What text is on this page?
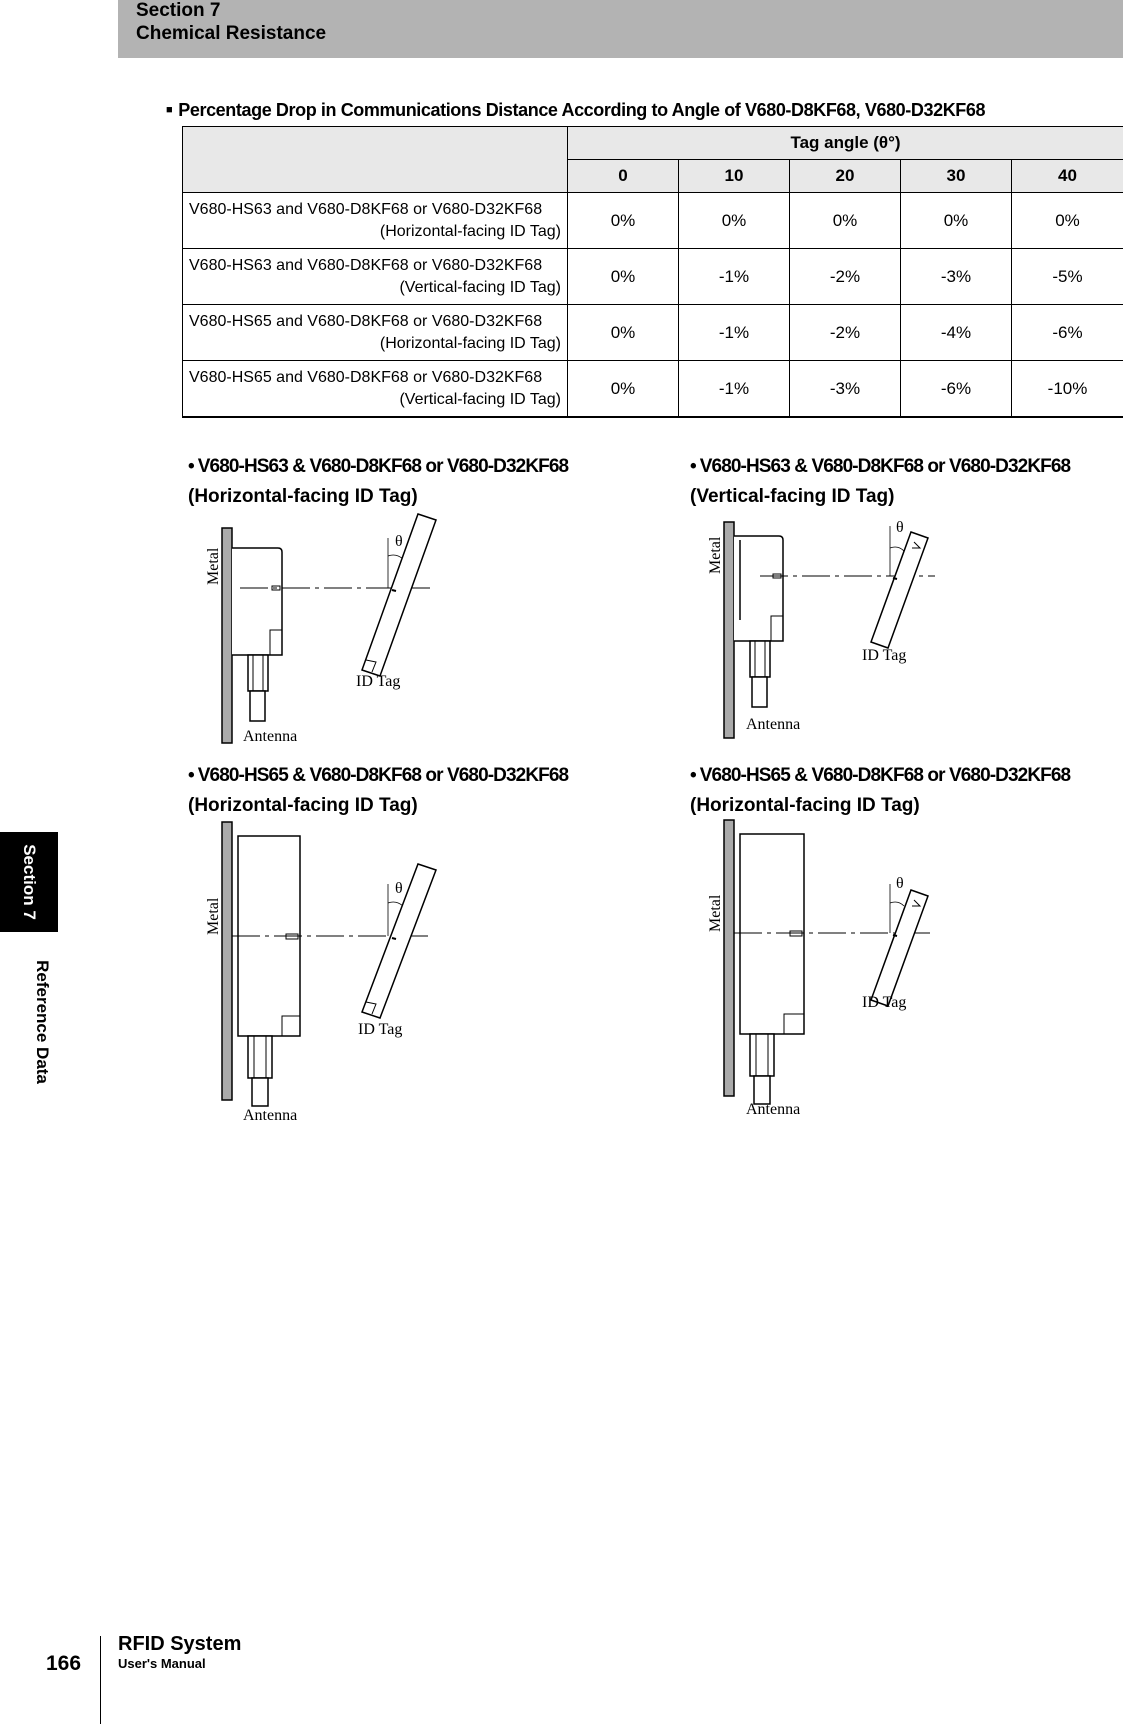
Section 7
Chemical Resistance
Section 7
Reference Data
■ Percentage Drop in Communications Distance According to Angle of V680-D8KF68, V680-D32KF68
	Tag angle (θ°)				
	0	10	20	30	40
V680-HS63 and V680-D8KF68 or V680-D32KF68
(Horizontal-facing ID Tag)	0%	0%	0%	0%	0%
V680-HS63 and V680-D8KF68 or V680-D32KF68
(Vertical-facing ID Tag)	0%	-1%	-2%	-3%	-5%
V680-HS65 and V680-D8KF68 or V680-D32KF68
(Horizontal-facing ID Tag)	0%	-1%	-2%	-4%	-6%
V680-HS65 and V680-D8KF68 or V680-D32KF68
(Vertical-facing ID Tag)	0%	-1%	-3%	-6%	-10%
• V680-HS63 & V680-D8KF68 or V680-D32KF68
(Horizontal-facing ID Tag)
• V680-HS63 & V680-D8KF68 or V680-D32KF68
(Vertical-facing ID Tag)
• V680-HS65 & V680-D8KF68 or V680-D32KF68
(Horizontal-facing ID Tag)
• V680-HS65 & V680-D8KF68 or V680-D32KF68
(Horizontal-facing ID Tag)
Metal
θ
ID Tag
Antenna
Metal
θ
ID Tag
Antenna
Metal
θ
ID Tag
Antenna
Metal
θ
ID Tag
Antenna
166
RFID System
User's Manual
